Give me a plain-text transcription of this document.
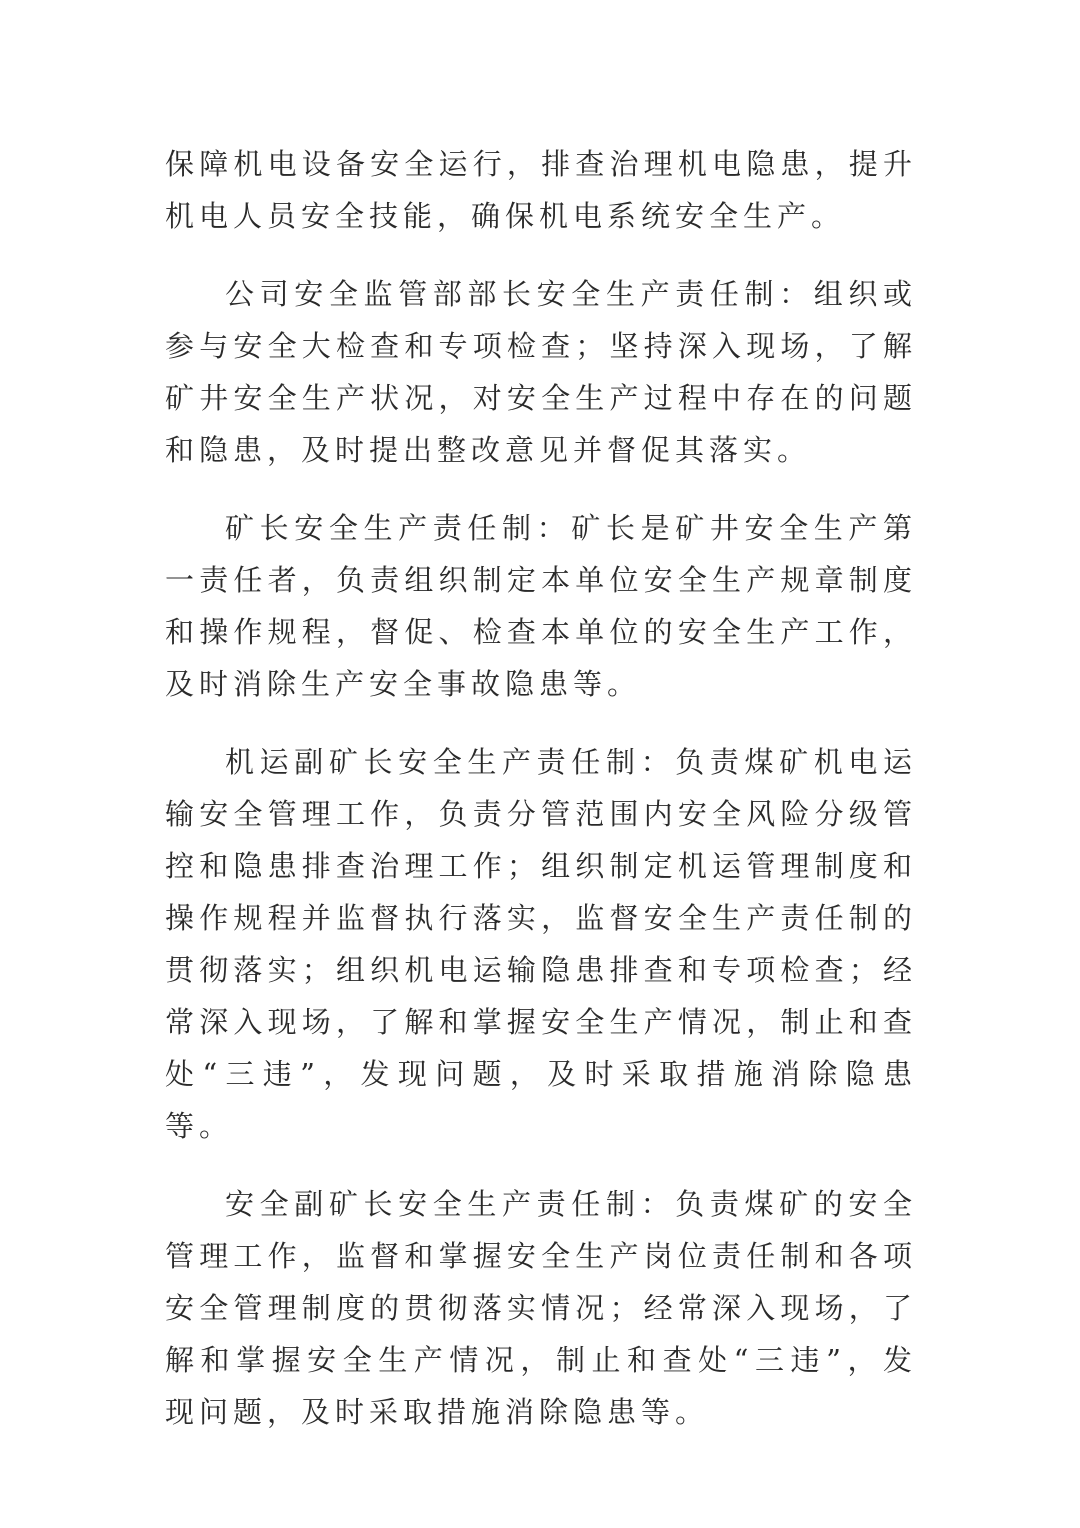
保障机电设备安全运行，排查治理机电隐患，提升机电人员安全技能，确保机电系统安全生产。

公司安全监管部部长安全生产责任制：组织或参与安全大检查和专项检查；坚持深入现场，了解矿井安全生产状况，对安全生产过程中存在的问题和隐患，及时提出整改意见并督促其落实。

矿长安全生产责任制：矿长是矿井安全生产第一责任者，负责组织制定本单位安全生产规章制度和操作规程，督促、检查本单位的安全生产工作，及时消除生产安全事故隐患等。

机运副矿长安全生产责任制：负责煤矿机电运输安全管理工作，负责分管范围内安全风险分级管控和隐患排查治理工作；组织制定机运管理制度和操作规程并监督执行落实，监督安全生产责任制的贯彻落实；组织机电运输隐患排查和专项检查；经常深入现场，了解和掌握安全生产情况，制止和查处“三违”，发现问题，及时采取措施消除隐患等。

安全副矿长安全生产责任制：负责煤矿的安全管理工作，监督和掌握安全生产岗位责任制和各项安全管理制度的贯彻落实情况；经常深入现场，了解和掌握安全生产情况，制止和查处“三违”，发现问题，及时采取措施消除隐患等。
